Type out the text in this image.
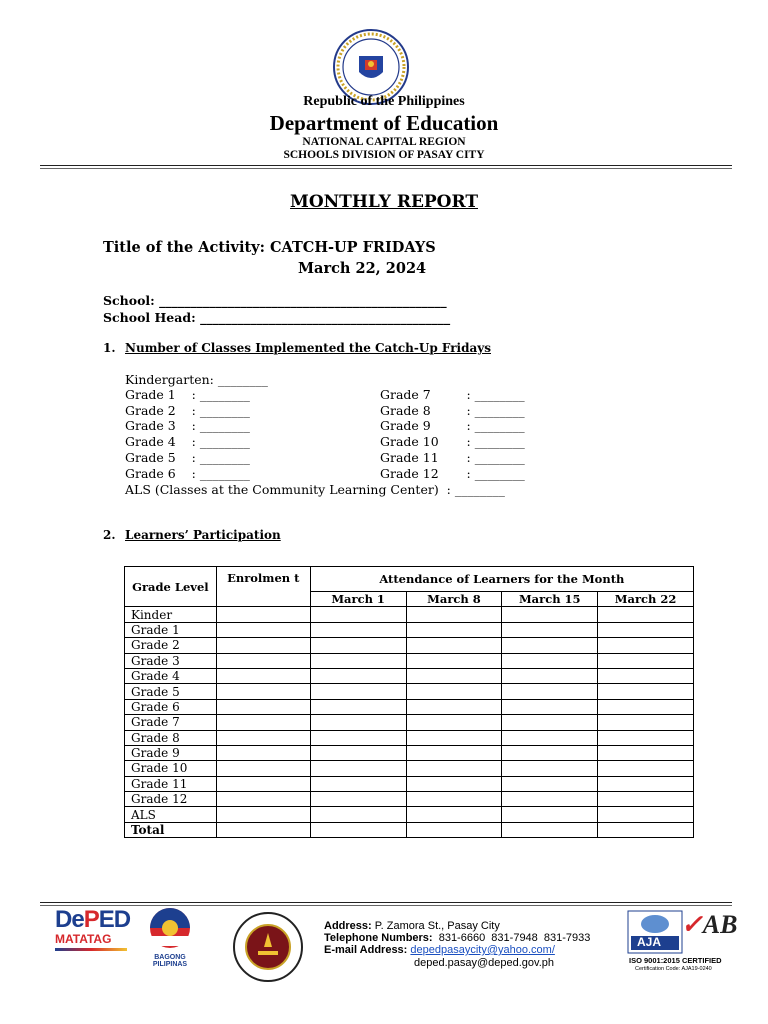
Republic of the Philippines
Department of Education
NATIONAL CAPITAL REGION
SCHOOLS DIVISION OF PASAY CITY
MONTHLY REPORT
Title of the Activity: CATCH-UP FRIDAYS
March 22, 2024
School: ______________________________________________
School Head: ________________________________________
1. Number of Classes Implemented the Catch-Up Fridays
Kindergarten: ________
Grade 1    : ________
Grade 2    : ________
Grade 3    : ________
Grade 4    : ________
Grade 5    : ________
Grade 6    : ________
Grade 7         : ________
Grade 8         : ________
Grade 9         : ________
Grade 10       : ________
Grade 11       : ________
Grade 12       : ________
ALS (Classes at the Community Learning Center)  : ________
2. Learners’ Participation
Grade Level	Enrolmen t	Attendance of Learners for the Month			
		March 1	March 8	March 15	March 22
Kinder					
Grade 1					
Grade 2					
Grade 3					
Grade 4					
Grade 5					
Grade 6					
Grade 7					
Grade 8					
Grade 9					
Grade 10					
Grade 11					
Grade 12					
ALS					
Total					
DePED
MATATAG
BAGONG PILIPINAS
Address: P. Zamora St., Pasay City
Telephone Numbers:  831-6660  831-7948  831-7933
E-mail Address: depedpasaycity@yahoo.com/
deped.pasay@deped.gov.ph
AJA
✓AB
ISO 9001:2015 CERTIFIED
Certification Code: AJA19-0240
